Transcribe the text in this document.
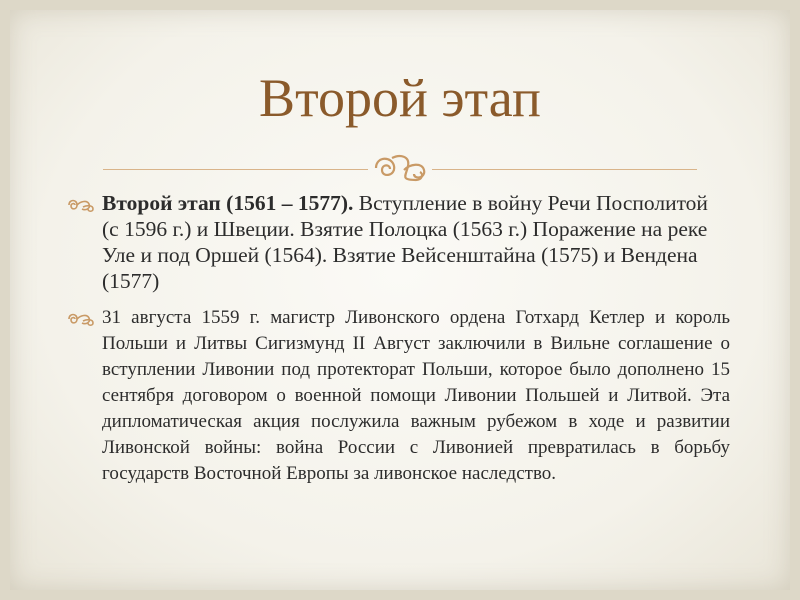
Второй этап
Второй этап (1561 – 1577). Вступление в войну Речи Посполитой (с 1596 г.) и Швеции. Взятие Полоцка (1563 г.) Поражение на реке Уле и под Оршей (1564). Взятие Вейсенштайна (1575) и Вендена (1577)
31 августа 1559 г. магистр Ливонского ордена Готхард Кетлер и король Польши и Литвы Сигизмунд II Август заключили в Вильне соглашение о вступлении Ливонии под протекторат Польши, которое было дополнено 15 сентября договором о военной помощи Ливонии Польшей и Литвой. Эта дипломатическая акция послужила важным рубежом в ходе и развитии Ливонской войны: война России с Ливонией превратилась в борьбу государств Восточной Европы за ливонское наследство.
